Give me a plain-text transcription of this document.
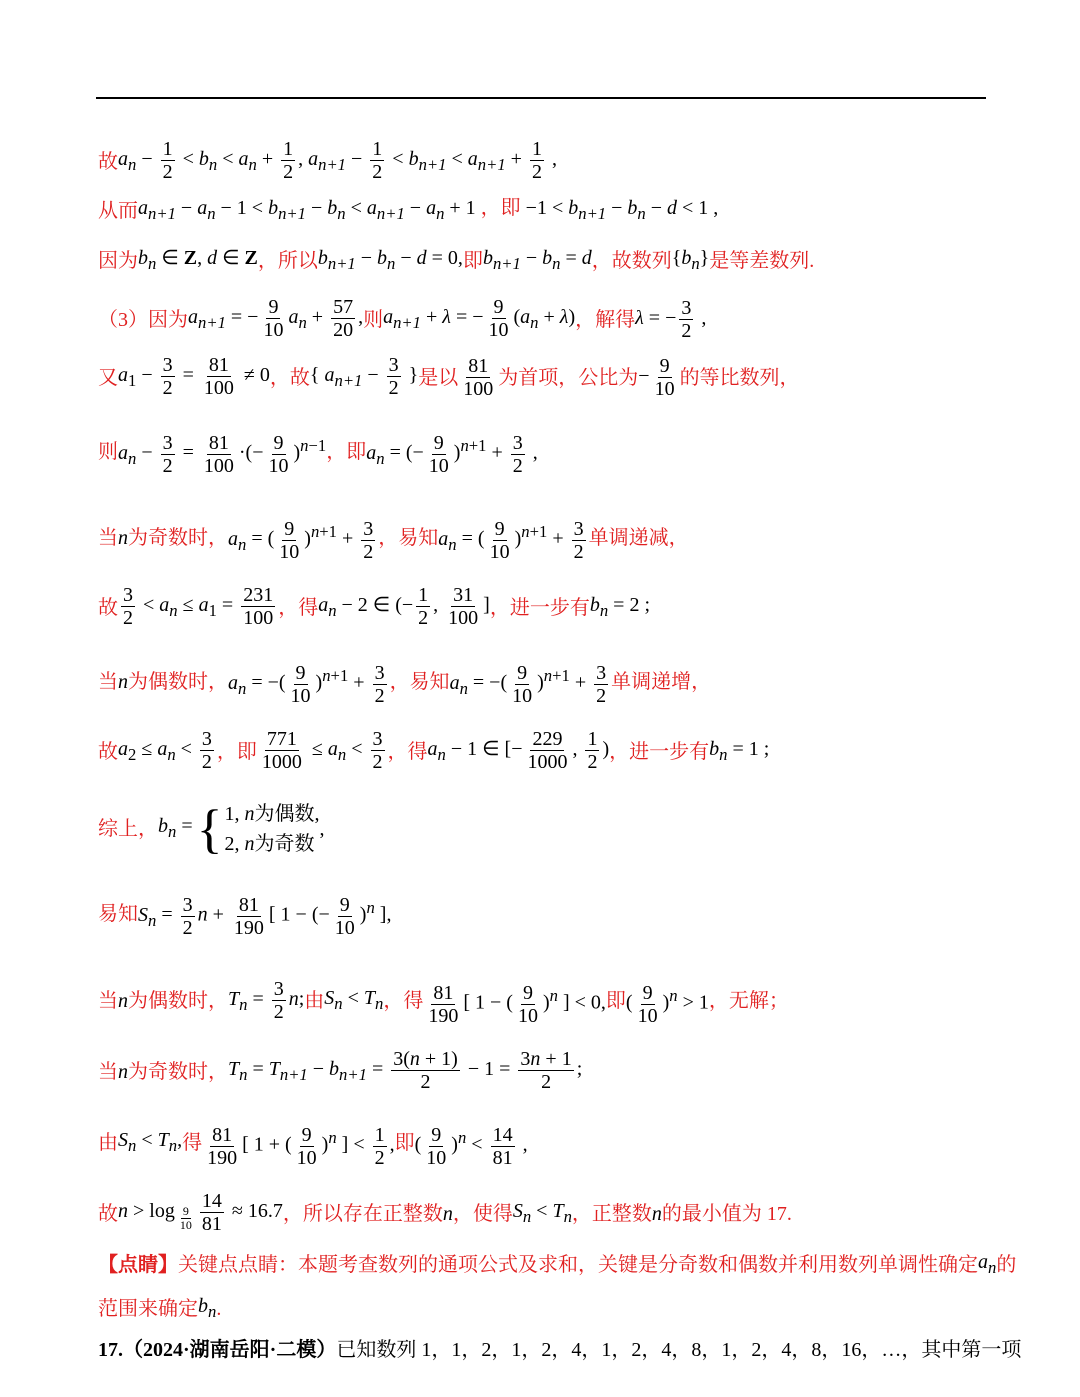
故 $a_n - \frac{1}{2} < b_n < a_n + \frac{1}{2}$ , $a_{n+1} - \frac{1}{2} < b_{n+1} < a_{n+1} + \frac{1}{2}$ ,
从而 $a_{n+1} - a_n - 1 < b_{n+1} - b_n < a_{n+1} - a_n + 1$ ，即 $-1 < b_{n+1} - b_n - d < 1$ ,
因为 $b_n$ ∈ Z, d ∈ Z ，所以 $b_{n+1} - b_n - d = 0$, 即 $b_{n+1} - b_n = d$ ，故数列 $\{b_n\}$ 是等差数列.
（3）因为 $a_{n+1}$ = − $\frac{9}{10} a_n + \frac{57}{20}$ , 则 $a_{n+1} + \lambda$ = − $\frac{9}{10} (a_n + \lambda)$ ，解得 λ = − $\frac{3}{2}$ ,
又 $a_1 - \frac{3}{2} = \frac{81}{100} \ne 0$ ，故 { $a_{n+1} - \frac{3}{2}$ } 是以 $\frac{81}{100}$ 为首项，公比为 − $\frac{9}{10}$ 的等比数列，
则 $a_n - \frac{3}{2} = \frac{81}{100}$ ·(− $\frac{9}{10} )^{n-1}$ ，即 $a_n$ = (− $\frac{9}{10} )^{n+1} + \frac{3}{2}$ ,
当 n 为奇数时， $a_n$ = ( $\frac{9}{10} )^{n+1} + \frac{3}{2}$ ，易知 $a_n$ = ( $\frac{9}{10} )^{n+1} + \frac{3}{2}$ 单调递减，
故 $\frac{3}{2} < a_n \le a_1 = \frac{231}{100}$ ，得 $a_n - 2$ ∈ (− $\frac{1}{2}$ , $\frac{31}{100}$ ] ，进一步有 $b_n = 2$ ;
当 n 为偶数时， $a_n$ = −( $\frac{9}{10} )^{n+1} + \frac{3}{2}$ ，易知 $a_n$ = −( $\frac{9}{10} )^{n+1} + \frac{3}{2}$ 单调递增，
故 $a_2 \le a_n < \frac{3}{2}$ ，即 $\frac{771}{1000} \le a_n < \frac{3}{2}$ ，得 $a_n - 1$ ∈ [− $\frac{229}{1000}$ , $\frac{1}{2}$ ) ，进一步有 $b_n = 1$ ;
综上， $b_n$ = { 1, n为偶数,
2, n为奇数
,
易知 $S_n = \frac{3}{2}$ $n + \frac{81}{190}$ [ 1 − (− $\frac{9}{10} )^n$ ],
当 n 为偶数时， $T_n = \frac{3}{2} n$; 由 $S_n < T_n$ ，得 $\frac{81}{190}$ [ 1 − ( $\frac{9}{10} )^n$ ] < 0, 即 ( $\frac{9}{10} )^n > 1$ ，无解；
当 n 为奇数时， $T_n = T_{n+1} - b_{n+1} = \frac{3(n + 1)}{2} - 1 = \frac{3n + 1}{2}$ ;
由 $S_n < T_n$, 得 $\frac{81}{190}$ [ 1 + ( $\frac{9}{10} )^n$ ] < $\frac{1}{2}$ , 即 ( $\frac{9}{10} )^n < \frac{14}{81}$ ,
故 $n > \log _{\frac{9}{10}} \frac{14}{81} \approx 16.7$ ，所以存在正整数 n ，使得 $S_n < T_n$ ，正整数 n 的最小值为 17.
【点睛】 关键点点睛：本题考查数列的通项公式及求和，关键是分奇数和偶数并利用数列单调性确定 $a_n$ 的
范围来确定 $b_n$ .
17. （2024·湖南岳阳·二模） 已知数列 1，1，2，1，2，4，1，2，4，8，1，2，4，8，16，…，其中第一项
